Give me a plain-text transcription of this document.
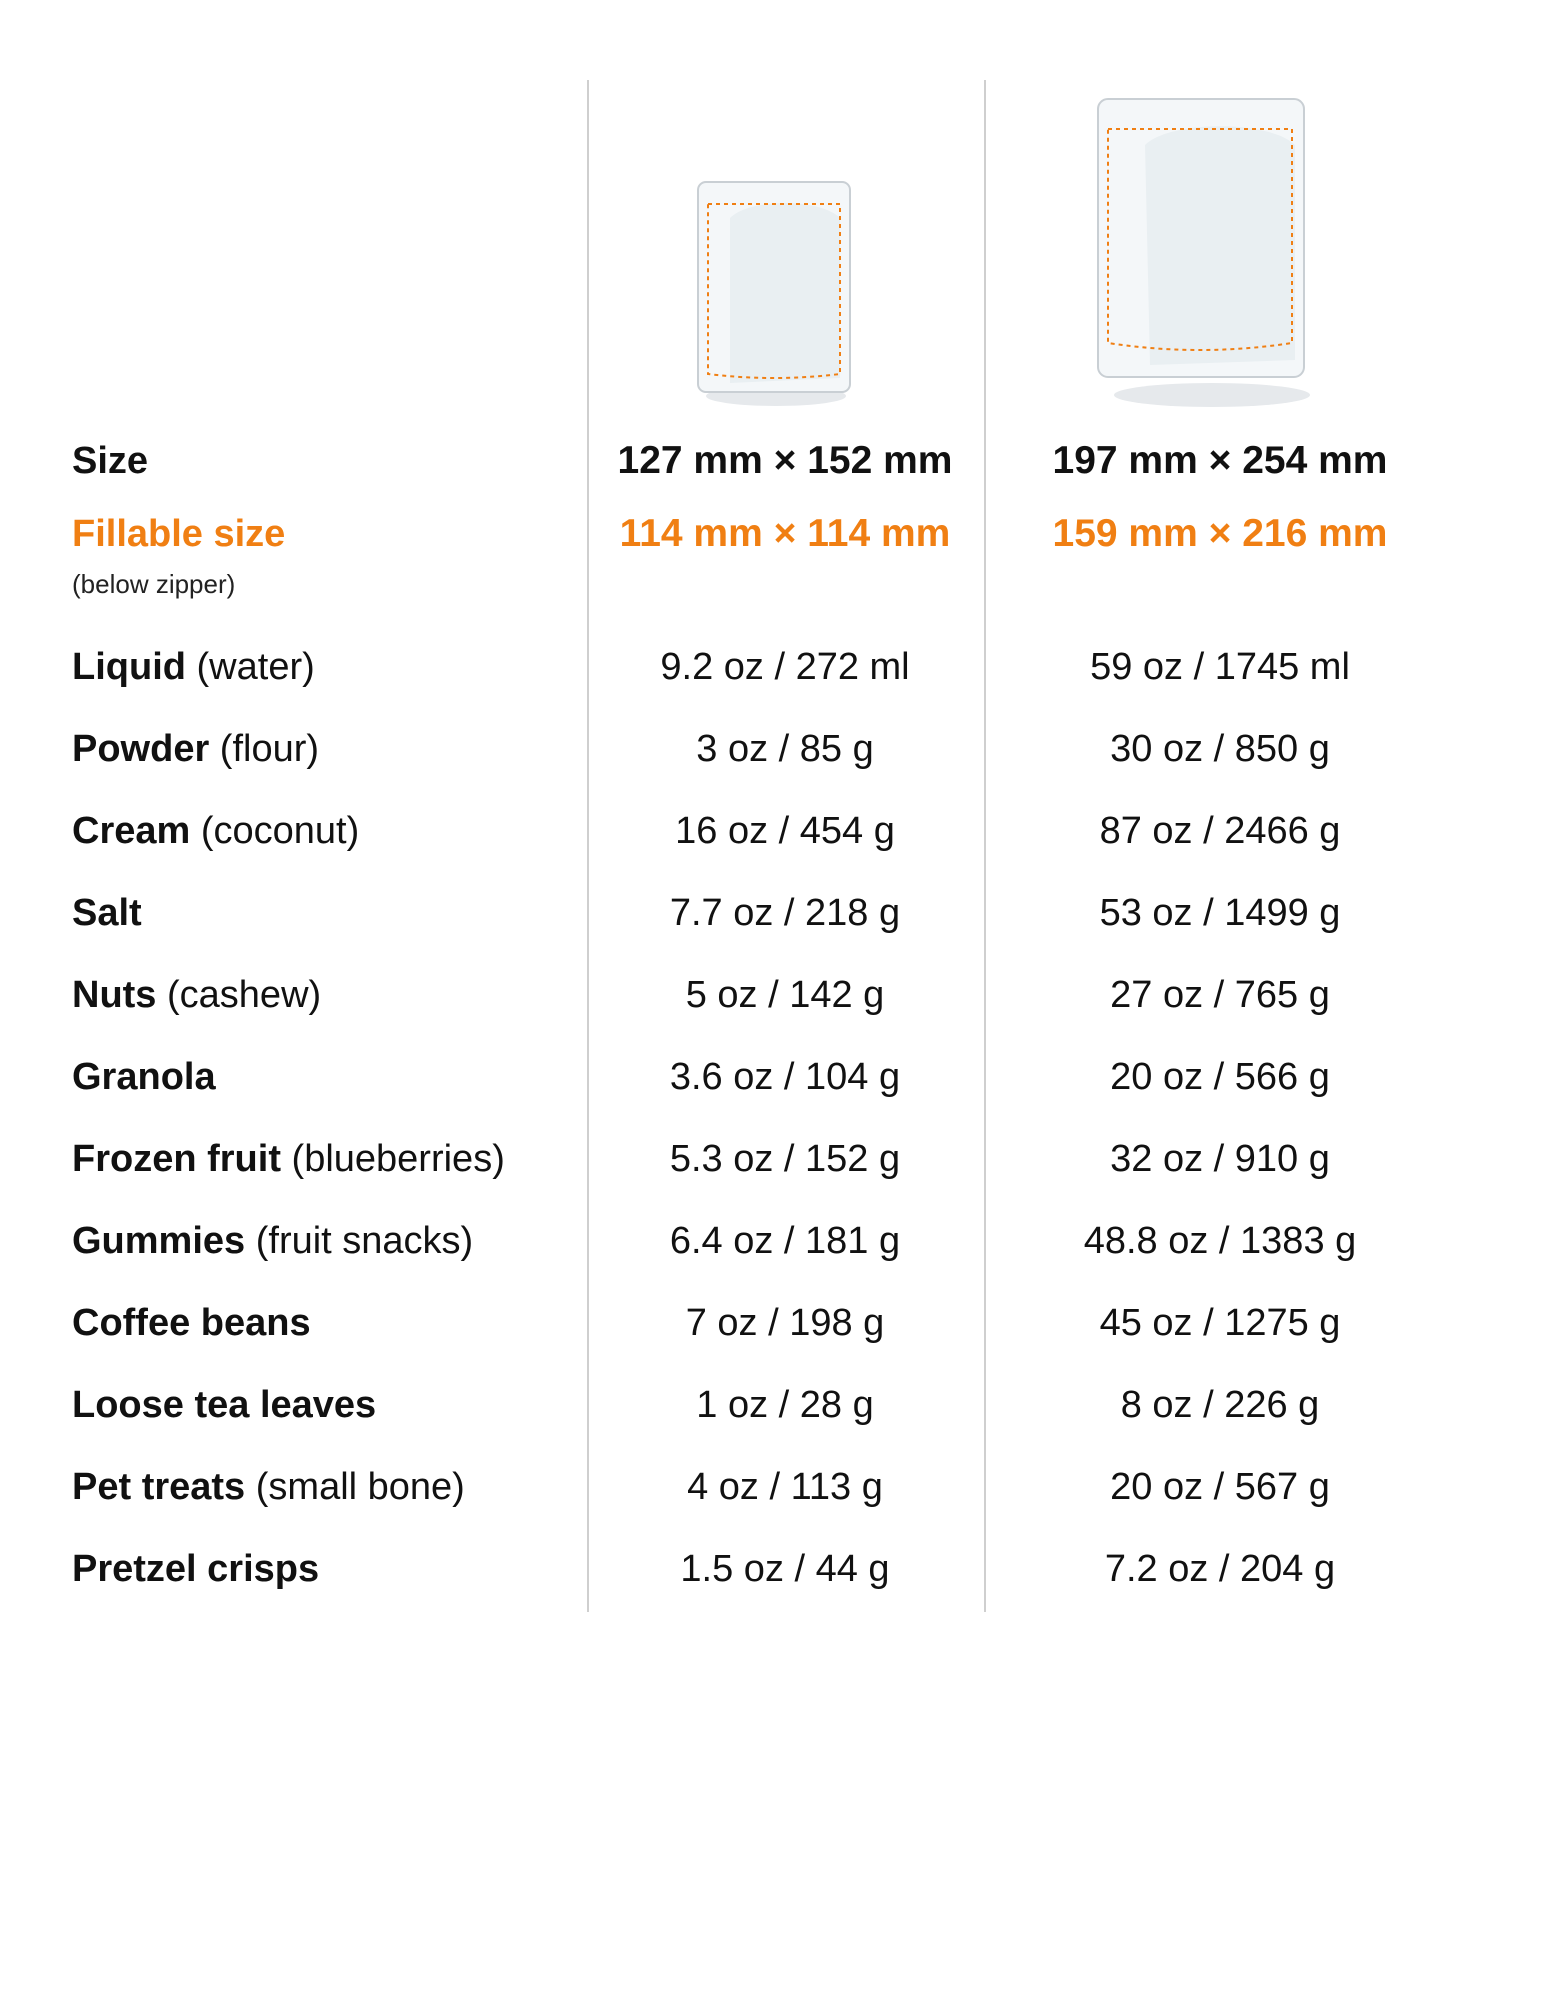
Size	127 mm × 152 mm	197 mm × 254 mm
Fillable size	114 mm × 114 mm	159 mm × 216 mm
(below zipper)
Liquid (water)	9.2 oz / 272 ml	59 oz / 1745 ml
Powder (flour)	3 oz / 85 g	30 oz / 850 g
Cream (coconut)	16 oz / 454 g	87 oz / 2466 g
Salt	7.7 oz / 218 g	53 oz / 1499 g
Nuts (cashew)	5 oz / 142 g	27 oz / 765 g
Granola	3.6 oz / 104 g	20 oz / 566 g
Frozen fruit (blueberries)	5.3 oz / 152 g	32 oz / 910 g
Gummies (fruit snacks)	6.4 oz / 181 g	48.8 oz / 1383 g
Coffee beans	7 oz / 198 g	45 oz / 1275 g
Loose tea leaves	1 oz / 28 g	8 oz / 226 g
Pet treats (small bone)	4 oz / 113 g	20 oz / 567 g
Pretzel crisps	1.5 oz / 44 g	7.2 oz / 204 g
